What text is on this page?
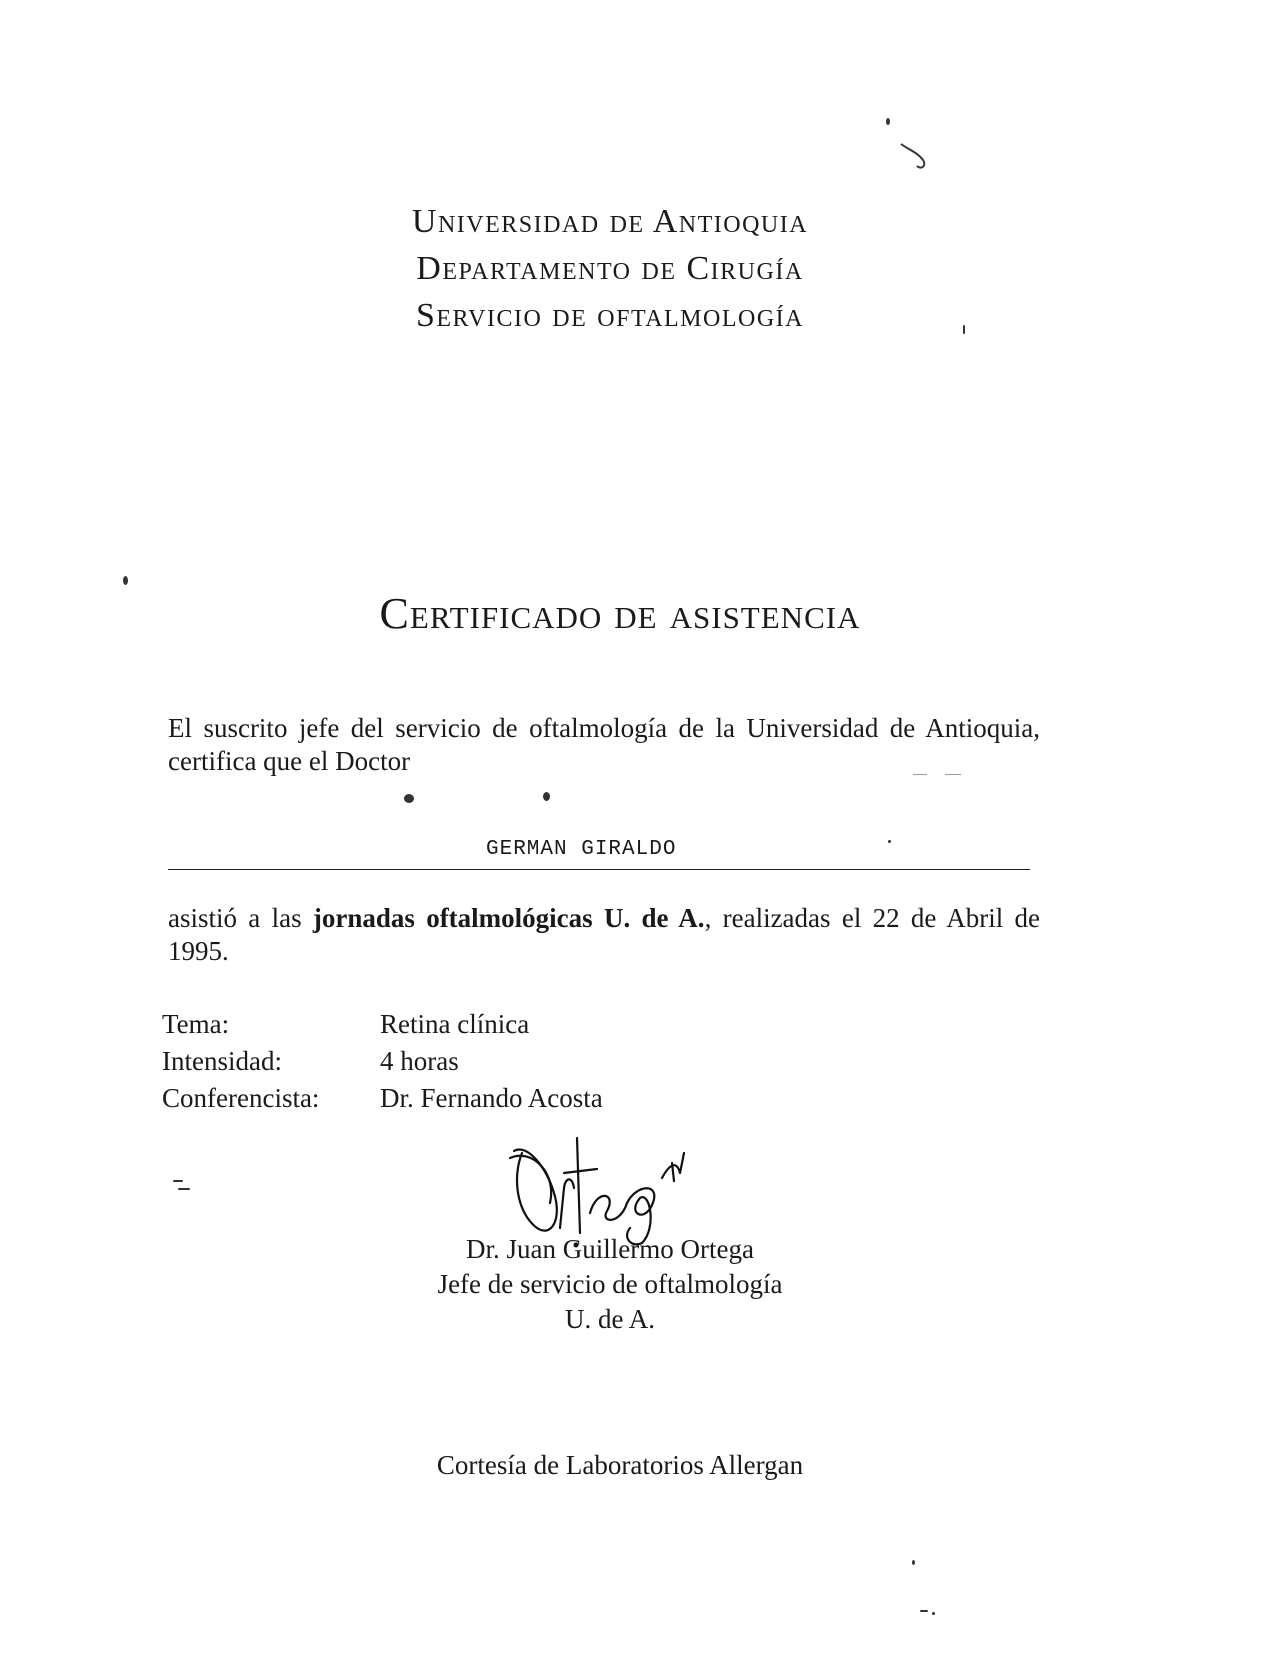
Universidad de Antioquia
Departamento de Cirugía
Servicio de oftalmología
Certificado de asistencia
El suscrito jefe del servicio de oftalmología de la Universidad de Antioquia, certifica que el Doctor
GERMAN GIRALDO
asistió a las jornadas oftalmológicas U. de A., realizadas el 22 de Abril de 1995.
Tema:	Retina clínica
Intensidad:	4 horas
Conferencista:	Dr. Fernando Acosta
Dr. Juan Guillermo Ortega
Jefe de servicio de oftalmología
U. de A.
Cortesía de Laboratorios Allergan
